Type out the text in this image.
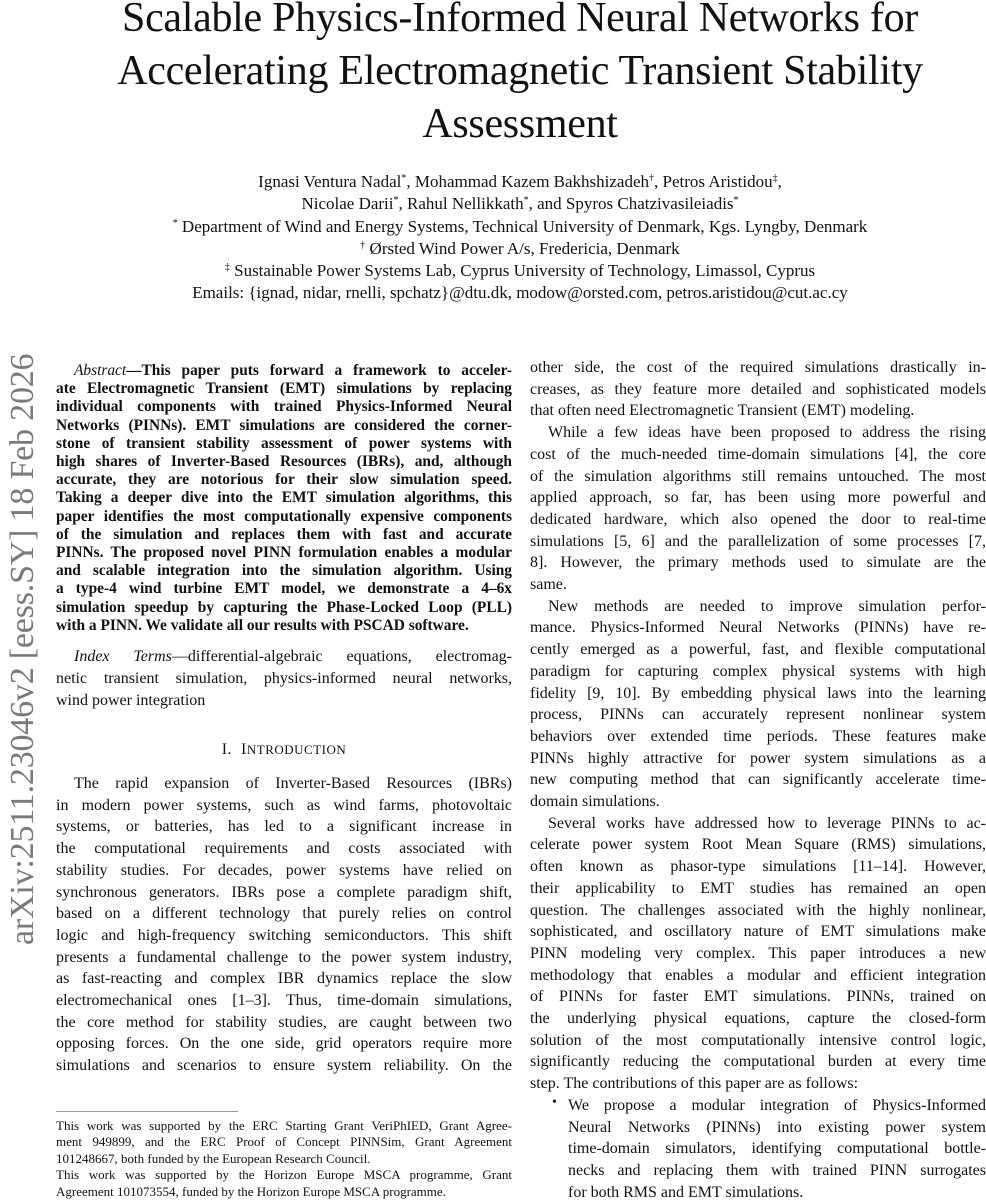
Scalable Physics-Informed Neural Networks for
Accelerating Electromagnetic Transient Stability
Assessment
Ignasi Ventura Nadal*, Mohammad Kazem Bakhshizadeh†, Petros Aristidou‡,
Nicolae Darii*, Rahul Nellikkath*, and Spyros Chatzivasileiadis*
* Department of Wind and Energy Systems, Technical University of Denmark, Kgs. Lyngby, Denmark
† Ørsted Wind Power A/s, Fredericia, Denmark
‡ Sustainable Power Systems Lab, Cyprus University of Technology, Limassol, Cyprus
Emails: {ignad, nidar, rnelli, spchatz}@dtu.dk, modow@orsted.com, petros.aristidou@cut.ac.cy
arXiv:2511.23046v2 [eess.SY] 18 Feb 2026	Abstract—This paper puts forward a framework to acceler-
ate Electromagnetic Transient (EMT) simulations by replacing
individual components with trained Physics-Informed Neural
Networks (PINNs). EMT simulations are considered the corner-
stone of transient stability assessment of power systems with
high shares of Inverter-Based Resources (IBRs), and, although
accurate, they are notorious for their slow simulation speed.
Taking a deeper dive into the EMT simulation algorithms, this
paper identifies the most computationally expensive components
of the simulation and replaces them with fast and accurate
PINNs. The proposed novel PINN formulation enables a modular
and scalable integration into the simulation algorithm. Using
a type-4 wind turbine EMT model, we demonstrate a 4–6x
simulation speedup by capturing the Phase-Locked Loop (PLL)
with a PINN. We validate all our results with PSCAD software.
Index Terms—differential-algebraic equations, electromag-
netic transient simulation, physics-informed neural networks,
wind power integration
I. INTRODUCTION
The rapid expansion of Inverter-Based Resources (IBRs)
in modern power systems, such as wind farms, photovoltaic
systems, or batteries, has led to a significant increase in
the computational requirements and costs associated with
stability studies. For decades, power systems have relied on
synchronous generators. IBRs pose a complete paradigm shift,
based on a different technology that purely relies on control
logic and high-frequency switching semiconductors. This shift
presents a fundamental challenge to the power system industry,
as fast-reacting and complex IBR dynamics replace the slow
electromechanical ones [1–3]. Thus, time-domain simulations,
the core method for stability studies, are caught between two
opposing forces. On the one side, grid operators require more
simulations and scenarios to ensure system reliability. On the
This work was supported by the ERC Starting Grant VeriPhIED, Grant Agree-
ment 949899, and the ERC Proof of Concept PINNSim, Grant Agreement
101248667, both funded by the European Research Council.
This work was supported by the Horizon Europe MSCA programme, Grant
Agreement 101073554, funded by the Horizon Europe MSCA programme.
other side, the cost of the required simulations drastically in-
creases, as they feature more detailed and sophisticated models
that often need Electromagnetic Transient (EMT) modeling.
While a few ideas have been proposed to address the rising
cost of the much-needed time-domain simulations [4], the core
of the simulation algorithms still remains untouched. The most
applied approach, so far, has been using more powerful and
dedicated hardware, which also opened the door to real-time
simulations [5, 6] and the parallelization of some processes [7,
8]. However, the primary methods used to simulate are the
same.
New methods are needed to improve simulation perfor-
mance. Physics-Informed Neural Networks (PINNs) have re-
cently emerged as a powerful, fast, and flexible computational
paradigm for capturing complex physical systems with high
fidelity [9, 10]. By embedding physical laws into the learning
process, PINNs can accurately represent nonlinear system
behaviors over extended time periods. These features make
PINNs highly attractive for power system simulations as a
new computing method that can significantly accelerate time-
domain simulations.
Several works have addressed how to leverage PINNs to ac-
celerate power system Root Mean Square (RMS) simulations,
often known as phasor-type simulations [11–14]. However,
their applicability to EMT studies has remained an open
question. The challenges associated with the highly nonlinear,
sophisticated, and oscillatory nature of EMT simulations make
PINN modeling very complex. This paper introduces a new
methodology that enables a modular and efficient integration
of PINNs for faster EMT simulations. PINNs, trained on
the underlying physical equations, capture the closed-form
solution of the most computationally intensive control logic,
significantly reducing the computational burden at every time
step. The contributions of this paper are as follows:
• We propose a modular integration of Physics-Informed
Neural Networks (PINNs) into existing power system
time-domain simulators, identifying computational bottle-
necks and replacing them with trained PINN surrogates
for both RMS and EMT simulations.
